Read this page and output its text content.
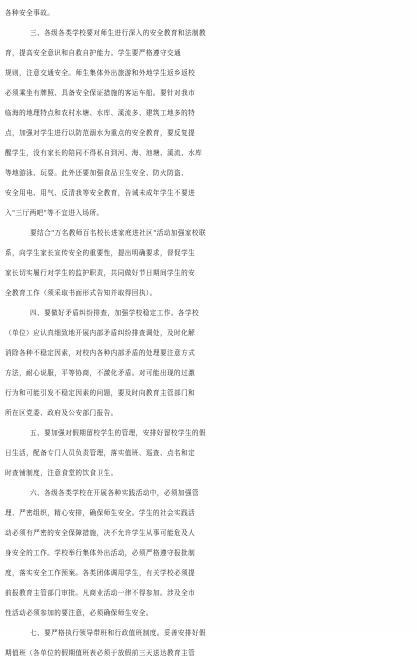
各种安全事故。
三、各级各类学校要对师生进行深入的安全教育和法制教
育，提高安全意识和自救自护能力。学生要严格遵守交通
规则，注意交通安全。师生集体外出旅游和外地学生返乡返校
必须乘坐有牌照、具备安全保证措施的客运车船。要针对我市
临海的地理特点和农村水塘、水库、溪流多、建筑工地多的特
点，加强对学生进行以防范溺水为重点的安全教育，要反复提
醒学生，没有家长的陪同不得私自到河、海、池塘、溪流、水库
等地游泳、玩耍。此外还要加强食品卫生安全、防火防盗、
安全用电、用气、反清我等安全教育，告诫未成年学生不要进
入"三厅两吧"等不宜进入场所。
要结合"万名教师百名校长进家庭进社区"活动加强家校联
系，向学生家长宣传安全的重要性，提出明确要求，督促学生
家长切实履行对学生的监护职责，共同做好节日期间学生的安
全教育工作（须采取书面形式告知并取得回执）。
四、要做好矛盾纠纷排查，加强学校稳定工作。各学校
（单位）应认真细致地开展内部矛盾纠纷排查调处，及时化解
消除各种不稳定因素，对校内各种内部矛盾的处理要注意方式
方法，耐心说服，平等协商，不激化矛盾。对可能出现的过激
行为和可能引发不稳定因素的问题，要及时向教育主管部门和
所在区党委、政府及公安部门报告。
五、要加强对假期留校学生的管理，安排好留校学生的假
日生活，配备专门人员负责管理，落实值班、巡查、点名和定
时查铺制度，注意食堂的饮食卫生。
六、各级各类学校在开展各种实践活动中，必须加强管
理、严密组织，精心安排，确保师生安全。学生的社会实践活
动必须有严密的安全保障措施，决不允许学生从事可能危及人
身安全的工作。学校举行集体外出活动，必须严格遵守报批制
度，落实安全工作预案。各类团体调用学生，有关学校必须提
前报教育主管部门审批。凡商业活动一律不得参加。涉及全市
性活动必须参加的要注意，必须确保师生安全。
七、要严格执行领导带班和行政值班制度。妥善安排好假
期值班（各单位的假期值班表必须于放假前三天送达教育主管
